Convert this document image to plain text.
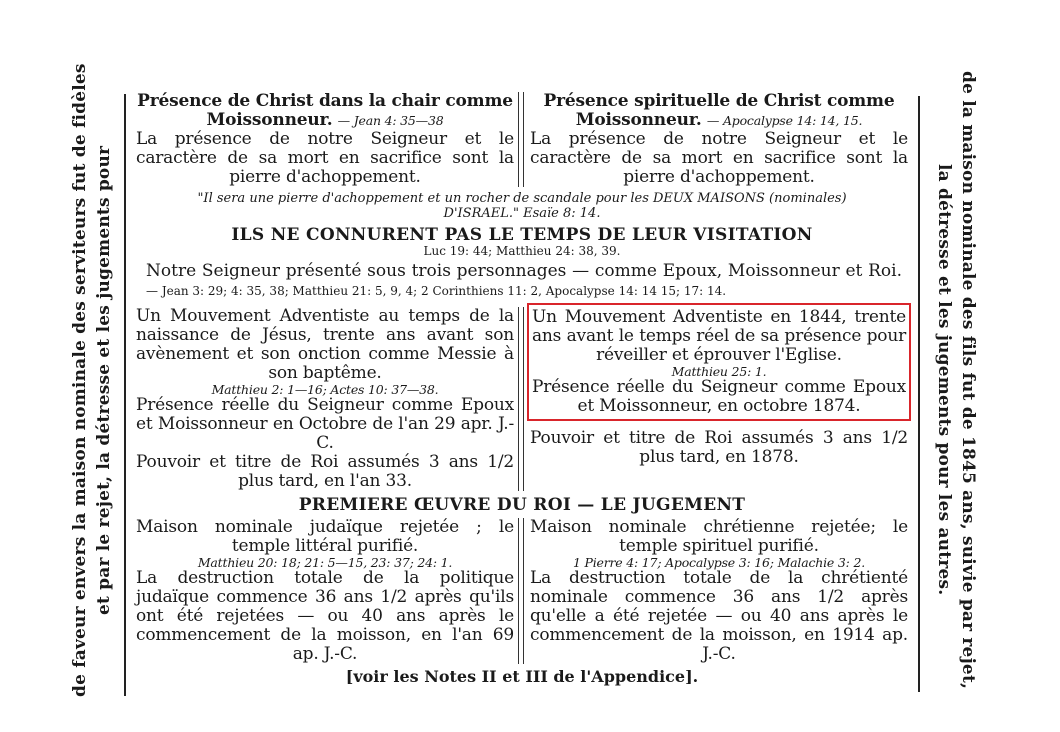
de faveur envers la maison nominale des serviteurs fut de fidèles et par le rejet, la détresse et les jugements pour	de la maison nominale des fils fut de 1845 ans, suivie par rejet, la détresse et les jugements pour les autres.
Présence de Christ dans la chair comme
Moissonneur. — Jean 4: 35—38
La présence de notre Seigneur et le caractère de sa mort en sacrifice sont la pierre d'achoppement.
Présence spirituelle de Christ comme
Moissonneur. — Apocalypse 14: 14, 15.
La présence de notre Seigneur et le caractère de sa mort en sacrifice sont la pierre d'achoppement.
"Il sera une pierre d'achoppement et un rocher de scandale pour les DEUX MAISONS (nominales) D'ISRAEL." Esaïe 8: 14.
ILS NE CONNURENT PAS LE TEMPS DE LEUR VISITATION
Luc 19: 44; Matthieu 24: 38, 39.
Notre Seigneur présenté sous trois personnages — comme Epoux, Moissonneur et Roi. — Jean 3: 29; 4: 35, 38; Matthieu 21: 5, 9, 4; 2 Corinthiens 11: 2, Apocalypse 14: 14 15; 17: 14.
Un Mouvement Adventiste au temps de la naissance de Jésus, trente ans avant son avènement et son onction comme Messie à son baptême.
Matthieu 2: 1—16; Actes 10: 37—38.
Présence réelle du Seigneur comme Epoux et Moissonneur en Octobre de l'an 29 apr. J.-C.
Pouvoir et titre de Roi assumés 3 ans 1/2 plus tard, en l'an 33.
Un Mouvement Adventiste en 1844, trente ans avant le temps réel de sa présence pour réveiller et éprouver l'Eglise.
Matthieu 25: 1.
Présence réelle du Seigneur comme Epoux et Moissonneur, en octobre 1874.
Pouvoir et titre de Roi assumés 3 ans 1/2 plus tard, en 1878.
PREMIERE ŒUVRE DU ROI — LE JUGEMENT
Maison nominale judaïque rejetée ; le temple littéral purifié.
Matthieu 20: 18; 21: 5—15, 23: 37; 24: 1.
La destruction totale de la politique judaïque commence 36 ans 1/2 après qu'ils ont été rejetées — ou 40 ans après le commencement de la moisson, en l'an 69 ap. J.-C.
Maison nominale chrétienne rejetée; le temple spirituel purifié.
1 Pierre 4: 17; Apocalypse 3: 16; Malachie 3: 2.
La destruction totale de la chrétienté nominale commence 36 ans 1/2 après qu'elle a été rejetée — ou 40 ans après le commencement de la moisson, en 1914 ap. J.-C.
[voir les Notes II et III de l'Appendice].
